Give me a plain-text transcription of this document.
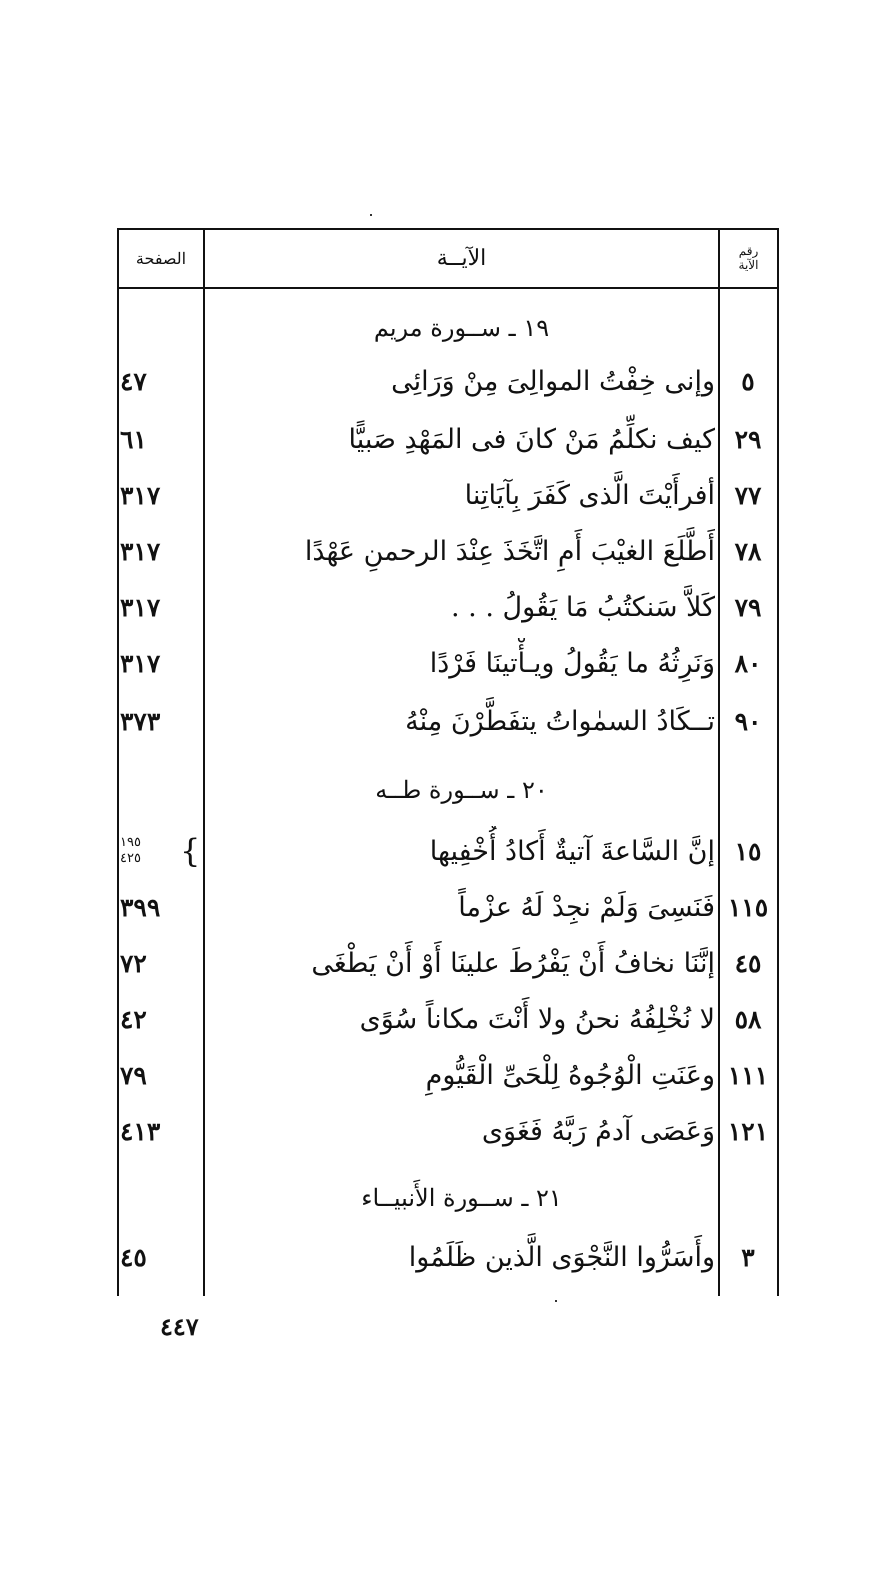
الصفحة	الآيــة	رقم
الآية
١٩ ـ ســورة مريم
٥
وإنى خِفْتُ الموالِىَ مِنْ وَرَائِى
٤٧
٢٩
كيف نكلِّمُ مَنْ كانَ فى المَهْدِ صَبيًّا
٦١
٧٧
أفرأَيْتَ الَّذى كَفَرَ بِآيَاتِنا
٣١٧
٧٨
أَطَّلَعَ الغيْبَ أَمِ اتَّخَذَ عِنْدَ الرحمنِ عَهْدًا
٣١٧
٧٩
كَلاَّ سَنكتُبُ مَا يَقُولُ . . .
٣١٧
٨٠
وَنَرِثُهُ ما يَقُولُ ويـأْتينَا فَرْدًا
٣١٧
٩٠
تــكَادُ السمٰواتُ يتفَطَّرْنَ مِنْهُ
٣٧٣
٢٠ ـ ســورة طــه
١٥
إنَّ السَّاعةَ آتيةٌ أَكادُ أُخْفِيها
١٩٥
٤٢٥ {
١١٥
فَنَسِىَ وَلَمْ نجِدْ لَهُ عزْماً
٣٩٩
٤٥
إنَّنَا نخافُ أَنْ يَفْرُطَ علينَا أَوْ أَنْ يَطْغَى
٧٢
٥٨
لا نُخْلِفُهُ نحنُ ولا أَنْتَ مكاناً سُوًى
٤٢
١١١
وعَنَتِ الْوُجُوهُ لِلْحَىِّ الْقَيُّومِ
٧٩
١٢١
وَعَصَى آدمُ رَبَّهُ فَغَوَى
٤١٣
٢١ ـ ســورة الأَنبيــاء
٣
وأَسَرُّوا النَّجْوَى الَّذين ظَلَمُوا
٤٥
٤٤٧
